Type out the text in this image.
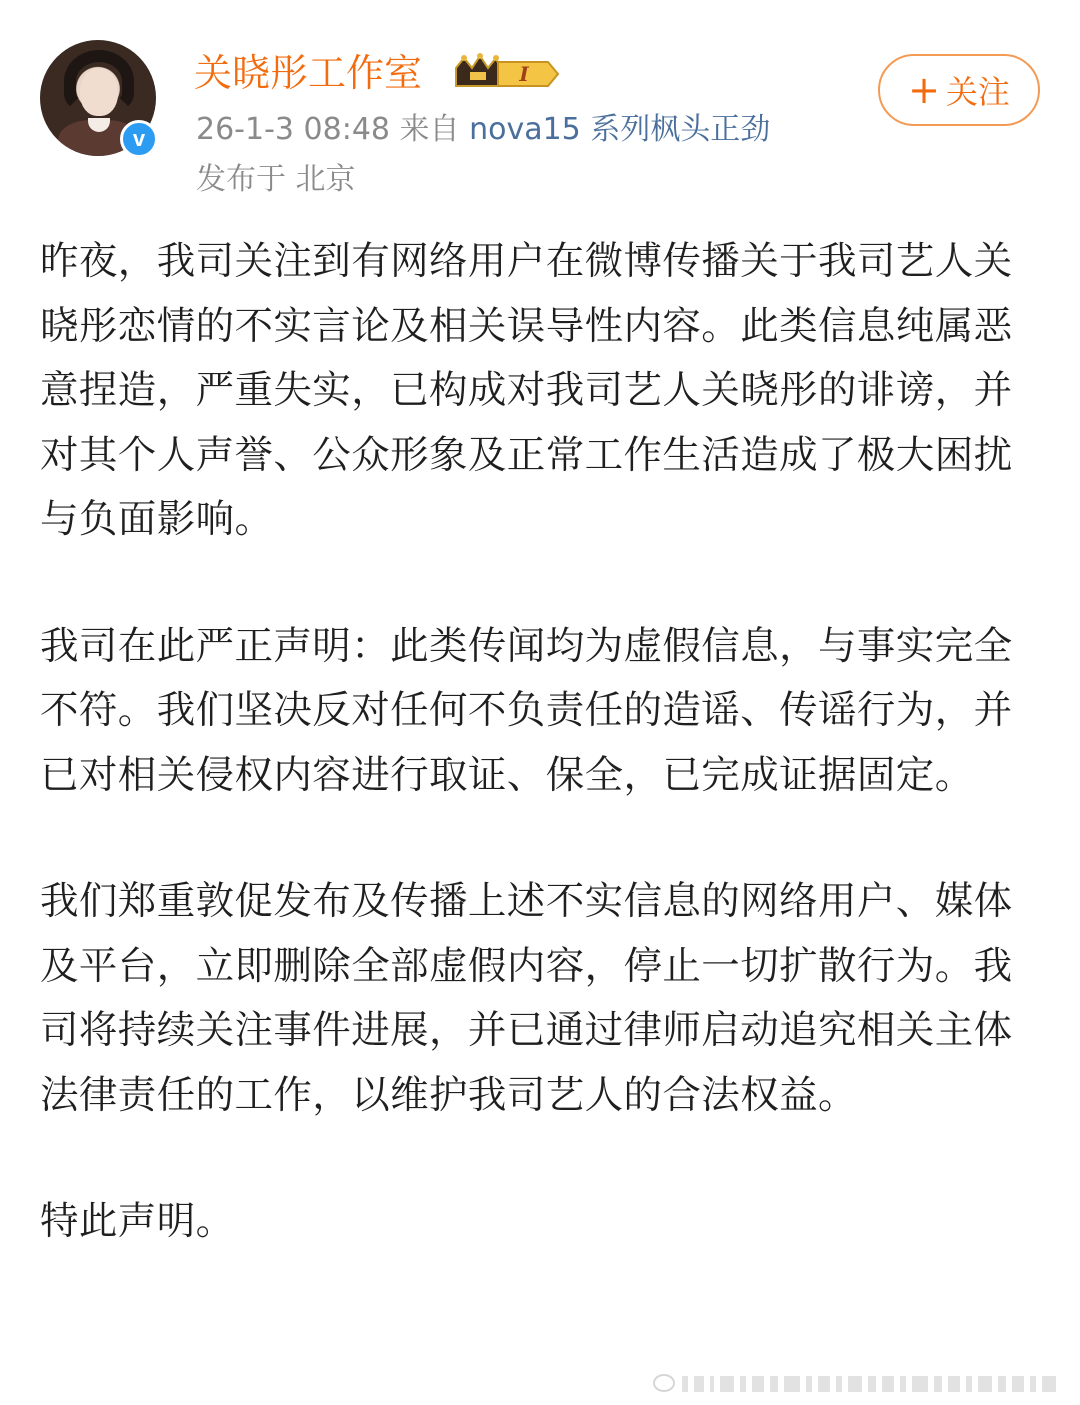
v
关晓彤工作室	I
26-1-3 08:48 来自 nova15 系列枫头正劲
发布于 北京
+ 关注

昨夜，我司关注到有网络用户在微博传播关于我司艺人关晓彤恋情的不实言论及相关误导性内容。此类信息纯属恶意捏造，严重失实，已构成对我司艺人关晓彤的诽谤，并对其个人声誉、公众形象及正常工作生活造成了极大困扰与负面影响。

我司在此严正声明：此类传闻均为虚假信息，与事实完全不符。我们坚决反对任何不负责任的造谣、传谣行为，并已对相关侵权内容进行取证、保全，已完成证据固定。

我们郑重敦促发布及传播上述不实信息的网络用户、媒体及平台，立即删除全部虚假内容，停止一切扩散行为。我司将持续关注事件进展，并已通过律师启动追究相关主体法律责任的工作，以维护我司艺人的合法权益。

特此声明。
